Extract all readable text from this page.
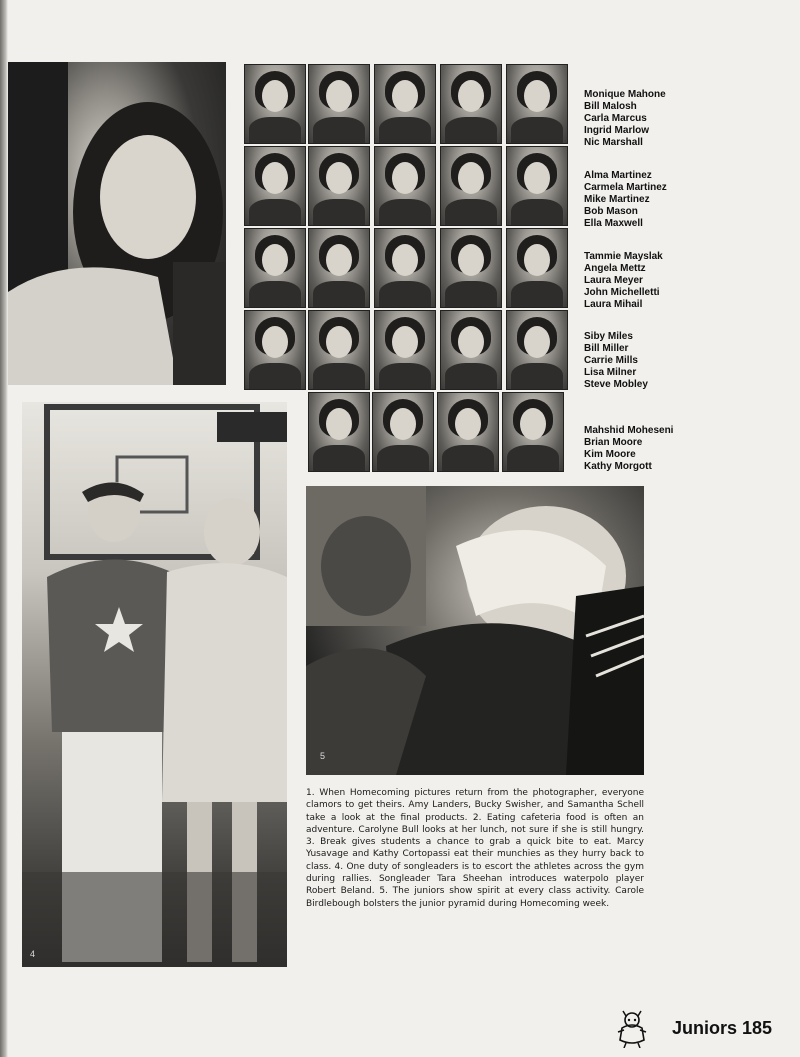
Monique Mahone
Bill Malosh
Carla Marcus
Ingrid Marlow
Nic Marshall
Alma Martinez
Carmela Martinez
Mike Martinez
Bob Mason
Ella Maxwell
Tammie Mayslak
Angela Mettz
Laura Meyer
John Michelletti
Laura Mihail
Siby Miles
Bill Miller
Carrie Mills
Lisa Milner
Steve Mobley
Mahshid Moheseni
Brian Moore
Kim Moore
Kathy Morgott
4
5
1. When Homecoming pictures return from the photographer, everyone clamors to get theirs. Amy Landers, Bucky Swisher, and Samantha Schell take a look at the final products. 2. Eating cafeteria food is often an adventure. Carolyne Bull looks at her lunch, not sure if she is still hungry. 3. Break gives students a chance to grab a quick bite to eat. Marcy Yusavage and Kathy Cortopassi eat their munchies as they hurry back to class. 4. One duty of songleaders is to escort the athletes across the gym during rallies. Songleader Tara Sheehan introduces waterpolo player Robert Beland. 5. The juniors show spirit at every class activity. Carole Birdlebough bolsters the junior pyramid during Homecoming week.
Juniors 185
